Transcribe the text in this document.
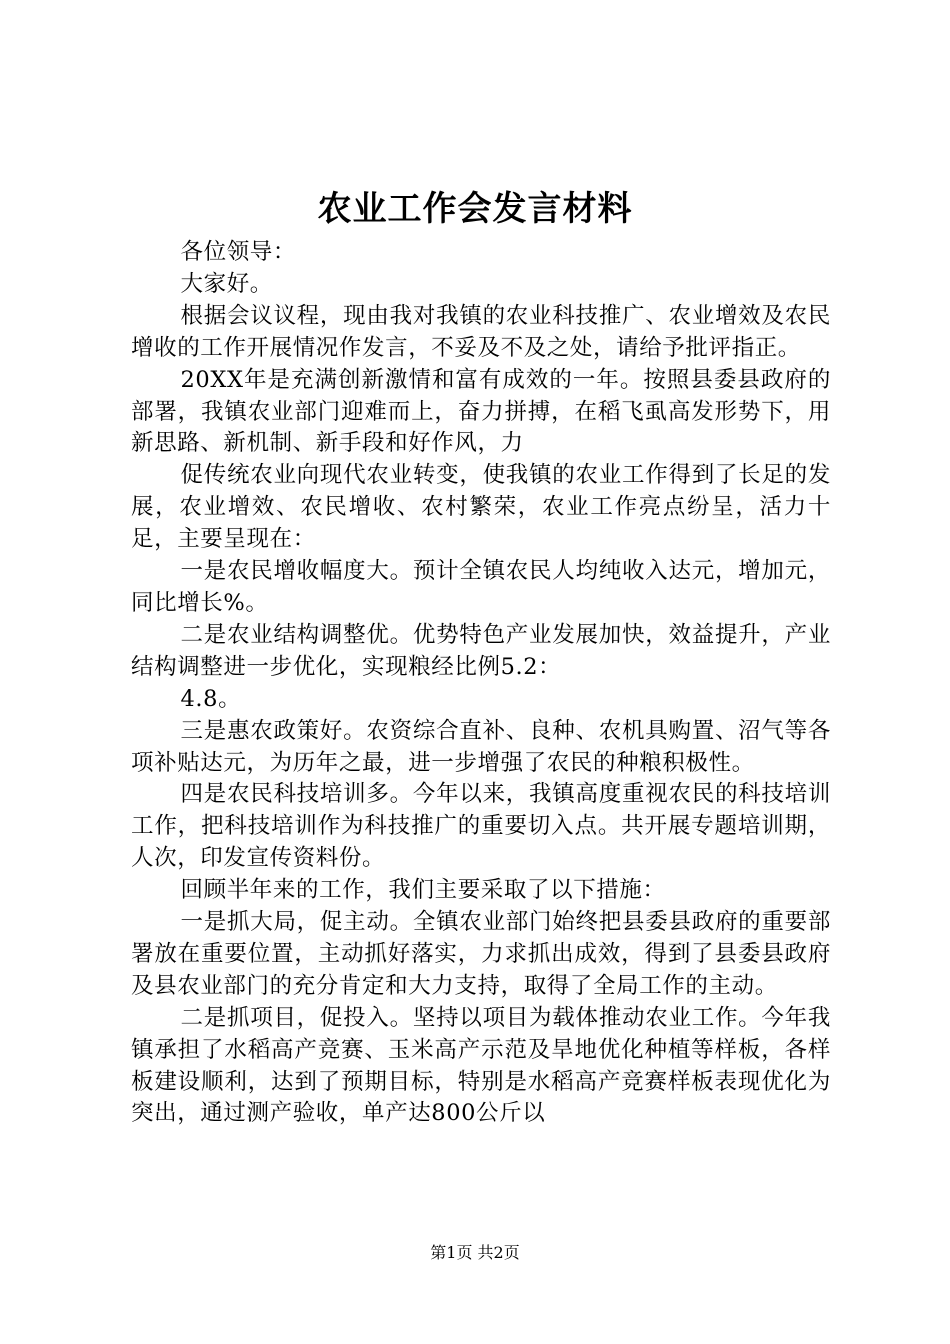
农业工作会发言材料

各位领导：

大家好。

根据会议议程，现由我对我镇的农业科技推广、农业增效及农民增收的工作开展情况作发言，不妥及不及之处，请给予批评指正。

20XX年是充满创新激情和富有成效的一年。按照县委县政府的部署，我镇农业部门迎难而上，奋力拼搏，在稻飞虱高发形势下，用新思路、新机制、新手段和好作风，力

促传统农业向现代农业转变，使我镇的农业工作得到了长足的发展，农业增效、农民增收、农村繁荣，农业工作亮点纷呈，活力十足，主要呈现在：

一是农民增收幅度大。预计全镇农民人均纯收入达元，增加元，同比增长%。

二是农业结构调整优。优势特色产业发展加快，效益提升，产业结构调整进一步优化，实现粮经比例5.2：

4.8。

三是惠农政策好。农资综合直补、良种、农机具购置、沼气等各项补贴达元，为历年之最，进一步增强了农民的种粮积极性。

四是农民科技培训多。今年以来，我镇高度重视农民的科技培训工作，把科技培训作为科技推广的重要切入点。共开展专题培训期，人次，印发宣传资料份。

回顾半年来的工作，我们主要采取了以下措施：

一是抓大局，促主动。全镇农业部门始终把县委县政府的重要部署放在重要位置，主动抓好落实，力求抓出成效，得到了县委县政府及县农业部门的充分肯定和大力支持，取得了全局工作的主动。

二是抓项目，促投入。坚持以项目为载体推动农业工作。今年我镇承担了水稻高产竞赛、玉米高产示范及旱地优化种植等样板，各样板建设顺利，达到了预期目标，特别是水稻高产竞赛样板表现优化为突出，通过测产验收，单产达800公斤以

第1页 共2页
